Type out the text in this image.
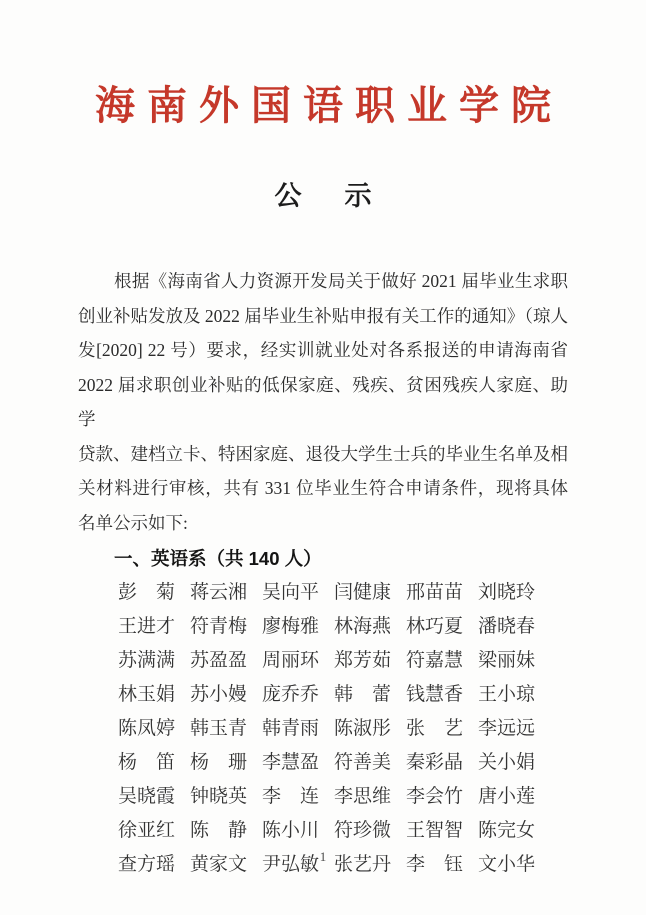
海南外国语职业学院
公　示
根据《海南省人力资源开发局关于做好 2021 届毕业生求职
创业补贴发放及 2022 届毕业生补贴申报有关工作的通知》（琼人
发[2020] 22 号）要求，经实训就业处对各系报送的申请海南省
2022 届求职创业补贴的低保家庭、残疾、贫困残疾人家庭、助学
贷款、建档立卡、特困家庭、退役大学生士兵的毕业生名单及相
关材料进行审核，共有 331 位毕业生符合申请条件，现将具体
名单公示如下:
一、英语系（共 140 人）
彭　菊 蒋云湘 吴向平 闫健康 邢苗苗 刘晓玲
王进才 符青梅 廖梅雅 林海燕 林巧夏 潘晓春
苏满满 苏盈盈 周丽环 郑芳茹 符嘉慧 梁丽妹
林玉娟 苏小嫚 庞乔乔 韩　蕾 钱慧香 王小琼
陈凤婷 韩玉青 韩青雨 陈淑彤 张　艺 李远远
杨　笛 杨　珊 李慧盈 符善美 秦彩晶 关小娟
吴晓霞 钟晓英 李　连 李思维 李会竹 唐小莲
徐亚红 陈　静 陈小川 符珍微 王智智 陈完女
查方瑶 黄家文 尹弘敏 张艺丹 李　钰 文小华
1
